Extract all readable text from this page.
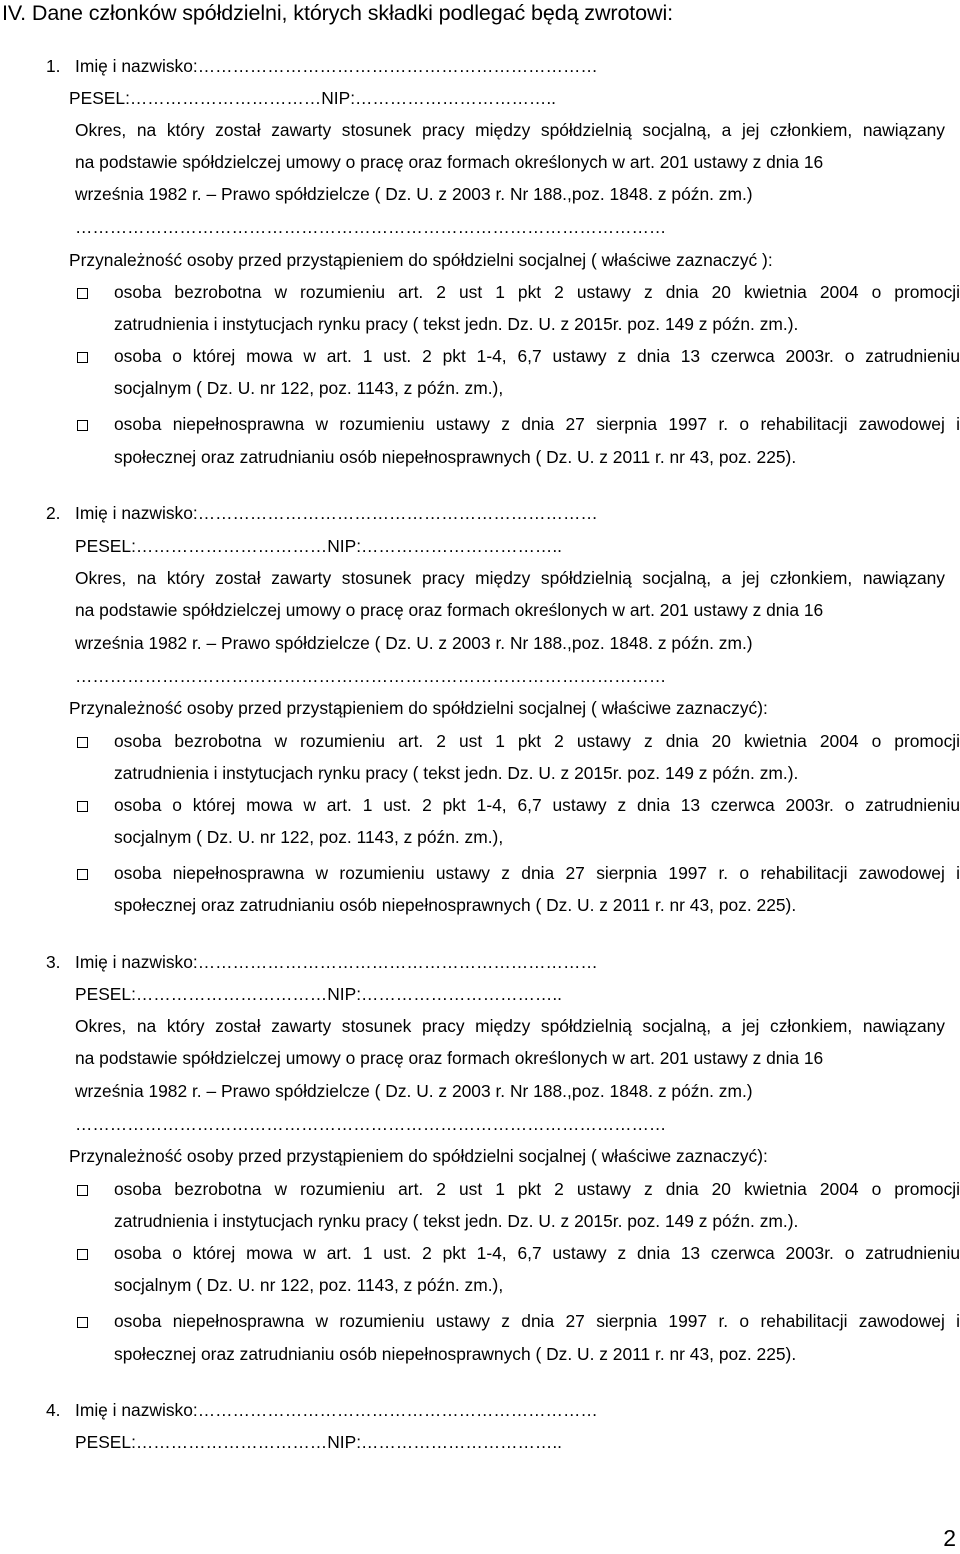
IV. Dane członków spółdzielni, których składki podlegać będą zwrotowi:
1. Imię i nazwisko:……………………………………………………………
PESEL:……………………………NIP:……………………………..
Okres, na który został zawarty stosunek pracy między spółdzielnią socjalną, a jej członkiem, nawiązany
na podstawie spółdzielczej umowy o pracę oraz formach określonych w art. 201 ustawy z dnia 16
września 1982 r. – Prawo spółdzielcze ( Dz. U. z 2003 r. Nr 188.,poz. 1848. z późn. zm.)
…………………………………………………………………………………………
Przynależność osoby przed przystąpieniem do spółdzielni socjalnej ( właściwe zaznaczyć ):
osoba bezrobotna w rozumieniu art. 2 ust 1 pkt 2 ustawy z dnia 20 kwietnia 2004 o promocji
zatrudnienia i instytucjach rynku pracy ( tekst jedn. Dz. U. z 2015r. poz. 149 z późn. zm.).
osoba o której mowa w art. 1 ust. 2 pkt 1-4, 6,7 ustawy z dnia 13 czerwca 2003r. o zatrudnieniu
socjalnym ( Dz. U. nr 122, poz. 1143, z późn. zm.),
osoba niepełnosprawna w rozumieniu ustawy z dnia 27 sierpnia 1997 r. o rehabilitacji zawodowej i
społecznej oraz zatrudnianiu osób niepełnosprawnych ( Dz. U. z 2011 r. nr 43, poz. 225).
2. Imię i nazwisko:……………………………………………………………
PESEL:……………………………NIP:……………………………..
Okres, na który został zawarty stosunek pracy między spółdzielnią socjalną, a jej członkiem, nawiązany
na podstawie spółdzielczej umowy o pracę oraz formach określonych w art. 201 ustawy z dnia 16
września 1982 r. – Prawo spółdzielcze ( Dz. U. z 2003 r. Nr 188.,poz. 1848. z późn. zm.)
…………………………………………………………………………………………
Przynależność osoby przed przystąpieniem do spółdzielni socjalnej ( właściwe zaznaczyć):
osoba bezrobotna w rozumieniu art. 2 ust 1 pkt 2 ustawy z dnia 20 kwietnia 2004 o promocji
zatrudnienia i instytucjach rynku pracy ( tekst jedn. Dz. U. z 2015r. poz. 149 z późn. zm.).
osoba o której mowa w art. 1 ust. 2 pkt 1-4, 6,7 ustawy z dnia 13 czerwca 2003r. o zatrudnieniu
socjalnym ( Dz. U. nr 122, poz. 1143, z późn. zm.),
osoba niepełnosprawna w rozumieniu ustawy z dnia 27 sierpnia 1997 r. o rehabilitacji zawodowej i
społecznej oraz zatrudnianiu osób niepełnosprawnych ( Dz. U. z 2011 r. nr 43, poz. 225).
3. Imię i nazwisko:……………………………………………………………
PESEL:……………………………NIP:……………………………..
Okres, na który został zawarty stosunek pracy między spółdzielnią socjalną, a jej członkiem, nawiązany
na podstawie spółdzielczej umowy o pracę oraz formach określonych w art. 201 ustawy z dnia 16
września 1982 r. – Prawo spółdzielcze ( Dz. U. z 2003 r. Nr 188.,poz. 1848. z późn. zm.)
…………………………………………………………………………………………
Przynależność osoby przed przystąpieniem do spółdzielni socjalnej ( właściwe zaznaczyć):
osoba bezrobotna w rozumieniu art. 2 ust 1 pkt 2 ustawy z dnia 20 kwietnia 2004 o promocji
zatrudnienia i instytucjach rynku pracy ( tekst jedn. Dz. U. z 2015r. poz. 149 z późn. zm.).
osoba o której mowa w art. 1 ust. 2 pkt 1-4, 6,7 ustawy z dnia 13 czerwca 2003r. o zatrudnieniu
socjalnym ( Dz. U. nr 122, poz. 1143, z późn. zm.),
osoba niepełnosprawna w rozumieniu ustawy z dnia 27 sierpnia 1997 r. o rehabilitacji zawodowej i
społecznej oraz zatrudnianiu osób niepełnosprawnych ( Dz. U. z 2011 r. nr 43, poz. 225).
4. Imię i nazwisko:……………………………………………………………
PESEL:……………………………NIP:……………………………..
2
